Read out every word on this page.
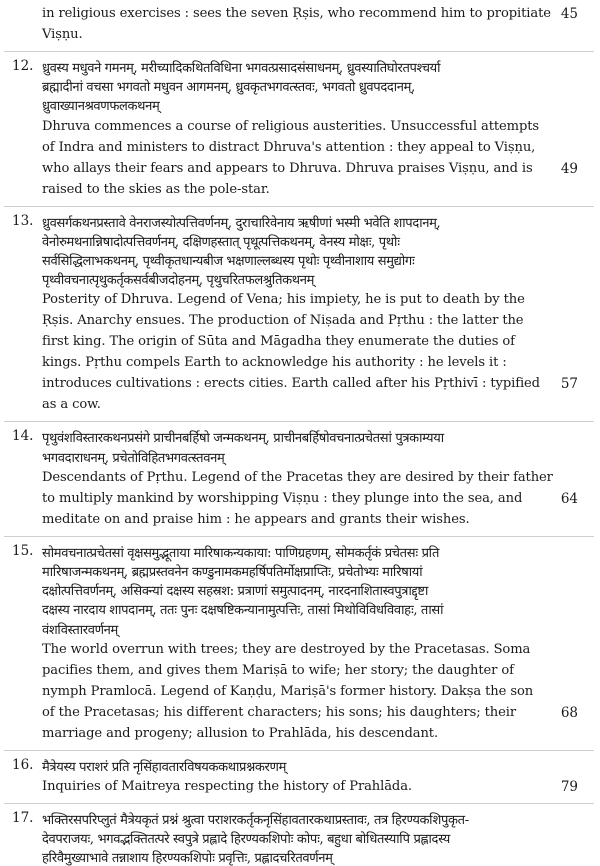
in religious exercises : sees the seven Ṛṣis, who recommend him to propitiate
Viṣṇu.
45
12. ध्रुवस्य मधुवने गमनम्, मरीच्यादिकथितविधिना भगवत्प्रसादसंसाधनम्, ध्रुवस्यातिघोरतपश्चर्या
ब्रह्मादीनां वचसा भगवतो मधुवन आगमनम्, ध्रुवकृतभगवत्स्तवः, भगवतो ध्रुवपददानम्,
ध्रुवाख्यानश्रवणफलकथनम्
Dhruva commences a course of religious austerities. Unsuccessful attempts
of Indra and ministers to distract Dhruva's attention : they appeal to Viṣṇu,
who allays their fears and appears to Dhruva. Dhruva praises Viṣṇu, and is
raised to the skies as the pole-star.
49
13. ध्रुवसर्गकथनप्रस्तावे वेनराजस्योत्पत्तिवर्णनम्, दुराचारिवेनाय ऋषीणां भस्मी भवेति शापदानम्,
वेनोरुमथनान्निषादोत्पत्तिवर्णनम्, दक्षिणहस्तात् पृथूत्पत्तिकथनम्, वेनस्य मोक्षः, पृथोः
सर्वसिद्धिलाभकथनम्, पृथ्वीकृतधान्यबीज भक्षणाल्लब्धस्य पृथोः पृथ्वीनाशाय समुद्योगः
पृथ्वीवचनात्पृथुकर्तृकसर्वबीजदोहनम्, पृथुचरितफलश्रुतिकथनम्
Posterity of Dhruva. Legend of Vena; his impiety, he is put to death by the
Ṛṣis. Anarchy ensues. The production of Niṣada and Pṛthu : the latter the
first king. The origin of Sūta and Māgadha they enumerate the duties of
kings. Pṛthu compels Earth to acknowledge his authority : he levels it :
introduces cultivations : erects cities. Earth called after his Pṛthivī : typified
as a cow.
57
14. पृथुवंशविस्तारकथनप्रसंगे प्राचीनबर्हिषो जन्मकथनम्, प्राचीनबर्हिषोवचनात्प्रचेतसां पुत्रकाम्यया
भगवदाराधनम्, प्रचेतोविहितभगवत्स्तवनम्
Descendants of Pṛthu. Legend of the Pracetas they are desired by their father
to multiply mankind by worshipping Viṣṇu : they plunge into the sea, and
meditate on and praise him : he appears and grants their wishes.
64
15. सोमवचनात्प्रचेतसां वृक्षसमुद्भूताया मारिषाकन्यकाया: पाणिग्रहणम्, सोमकर्तृकं प्रचेतसः प्रति
मारिषाजन्मकथनम्, ब्रह्मप्रस्तवनेन कण्डुनामकमहर्षिपतिर्मोक्षप्राप्तिः, प्रचेतोभ्यः मारिषायां
दक्षोत्पत्तिवर्णनम्, असिक्न्यां दक्षस्य सहस्रश: प्रत्राणां समुत्पादनम्, नारदनाशितास्वपुत्राद्दृष्टा
दक्षस्य नारदाय शापदानम्, ततः पुनः दक्षषष्टिकन्यानामुत्पत्तिः, तासां मिथोविविधविवाहः, तासां
वंशविस्तारवर्णनम्
The world overrun with trees; they are destroyed by the Pracetasas. Soma
pacifies them, and gives them Mariṣā to wife; her story; the daughter of
nymph Pramlocā. Legend of Kaṇḍu, Mariṣā's former history. Dakṣa the son
of the Pracetasas; his different characters; his sons; his daughters; their
marriage and progeny; allusion to Prahlāda, his descendant.
68
16. मैत्रेयस्य पराशरं प्रति नृसिंहावतारविषयककथाप्रश्नकरणम्
Inquiries of Maitreya respecting the history of Prahlāda.	79
17. भक्तिरसपरिप्लुतं मैत्रेयकृतं प्रश्नं श्रुत्वा पराशरकर्तृकनृसिंहावतारकथाप्रस्तावः, तत्र हिरण्यकशिपुकृत-
देवपराजयः, भगवद्भक्तितत्परे स्वपुत्रे प्रह्लादे हिरण्यकशिपोः कोपः, बहुधा बोधितस्यापि प्रह्लादस्य
हरिवैमुख्याभावे तन्नाशाय हिरण्यकशिपोः प्रवृत्तिः, प्रह्लादचरितवर्णनम्
